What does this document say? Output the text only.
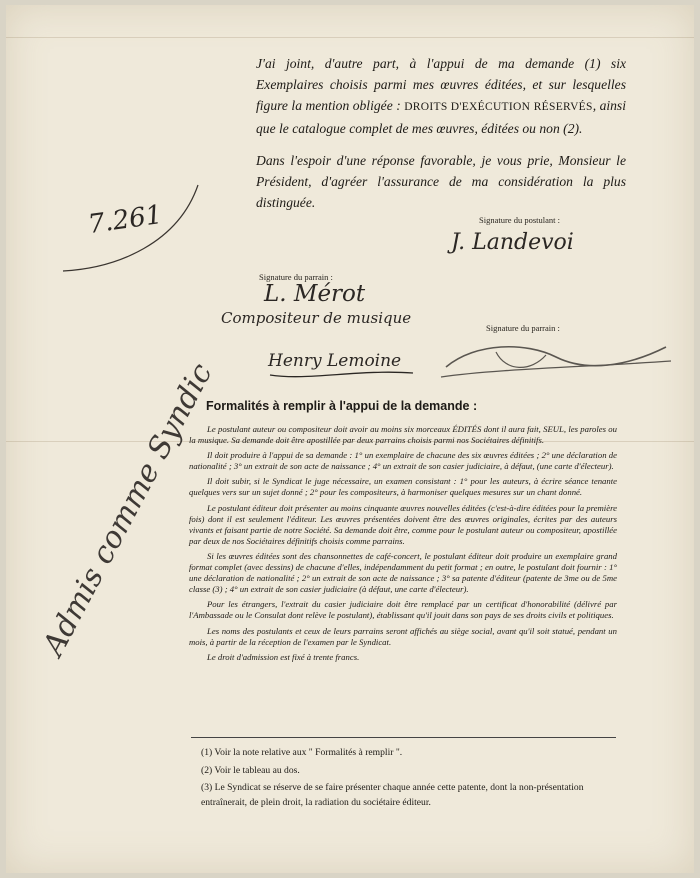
J'ai joint, d'autre part, à l'appui de ma demande (1) six Exemplaires choisis parmi mes œuvres éditées, et sur lesquelles figure la mention obligée : DROITS D'EXÉCUTION RÉSERVÉS, ainsi que le catalogue complet de mes œuvres, éditées ou non (2).

Dans l'espoir d'une réponse favorable, je vous prie, Monsieur le Président, d'agréer l'assurance de ma considération la plus distinguée.

7.261	Signature du postulant :
J. Landevoi
Signature du parrain :
L. Mérot
Compositeur de musique
Signature du parrain :
Henry Lemoine
Formalités à remplir à l'appui de la demande :

Le postulant auteur ou compositeur doit avoir au moins six morceaux ÉDITÉS dont il aura fait, SEUL, les paroles ou la musique. Sa demande doit être apostillée par deux parrains choisis parmi nos Sociétaires définitifs.

Il doit produire à l'appui de sa demande : 1° un exemplaire de chacune des six œuvres éditées ; 2° une déclaration de nationalité ; 3° un extrait de son acte de naissance ; 4° un extrait de son casier judiciaire, à défaut, (une carte d'électeur).

Il doit subir, si le Syndicat le juge nécessaire, un examen consistant : 1° pour les auteurs, à écrire séance tenante quelques vers sur un sujet donné ; 2° pour les compositeurs, à harmoniser quelques mesures sur un chant donné.

Le postulant éditeur doit présenter au moins cinquante œuvres nouvelles éditées (c'est-à-dire éditées pour la première fois) dont il est seulement l'éditeur. Les œuvres présentées doivent être des œuvres originales, écrites par des auteurs vivants et faisant partie de notre Société. Sa demande doit être, comme pour le postulant auteur ou compositeur, apostillée par deux de nos Sociétaires définitifs choisis comme parrains.

Si les œuvres éditées sont des chansonnettes de café-concert, le postulant éditeur doit produire un exemplaire grand format complet (avec dessins) de chacune d'elles, indépendamment du petit format ; en outre, le postulant doit fournir : 1° une déclaration de nationalité ; 2° un extrait de son acte de naissance ; 3° sa patente d'éditeur (patente de 3me ou de 5me classe (3) ; 4° un extrait de son casier judiciaire (à défaut, une carte d'électeur).

Pour les étrangers, l'extrait du casier judiciaire doit être remplacé par un certificat d'honorabilité (délivré par l'Ambassade ou le Consulat dont relève le postulant), établissant qu'il jouit dans son pays de ses droits civils et politiques.

Les noms des postulants et ceux de leurs parrains seront affichés au siège social, avant qu'il soit statué, pendant un mois, à partir de la réception de l'examen par le Syndicat.

Le droit d'admission est fixé à trente francs.

Admis comme Syndic

(1) Voir la note relative aux " Formalités à remplir ".

(2) Voir le tableau au dos.

(3) Le Syndicat se réserve de se faire présenter chaque année cette patente, dont la non-présentation entraînerait, de plein droit, la radiation du sociétaire éditeur.
